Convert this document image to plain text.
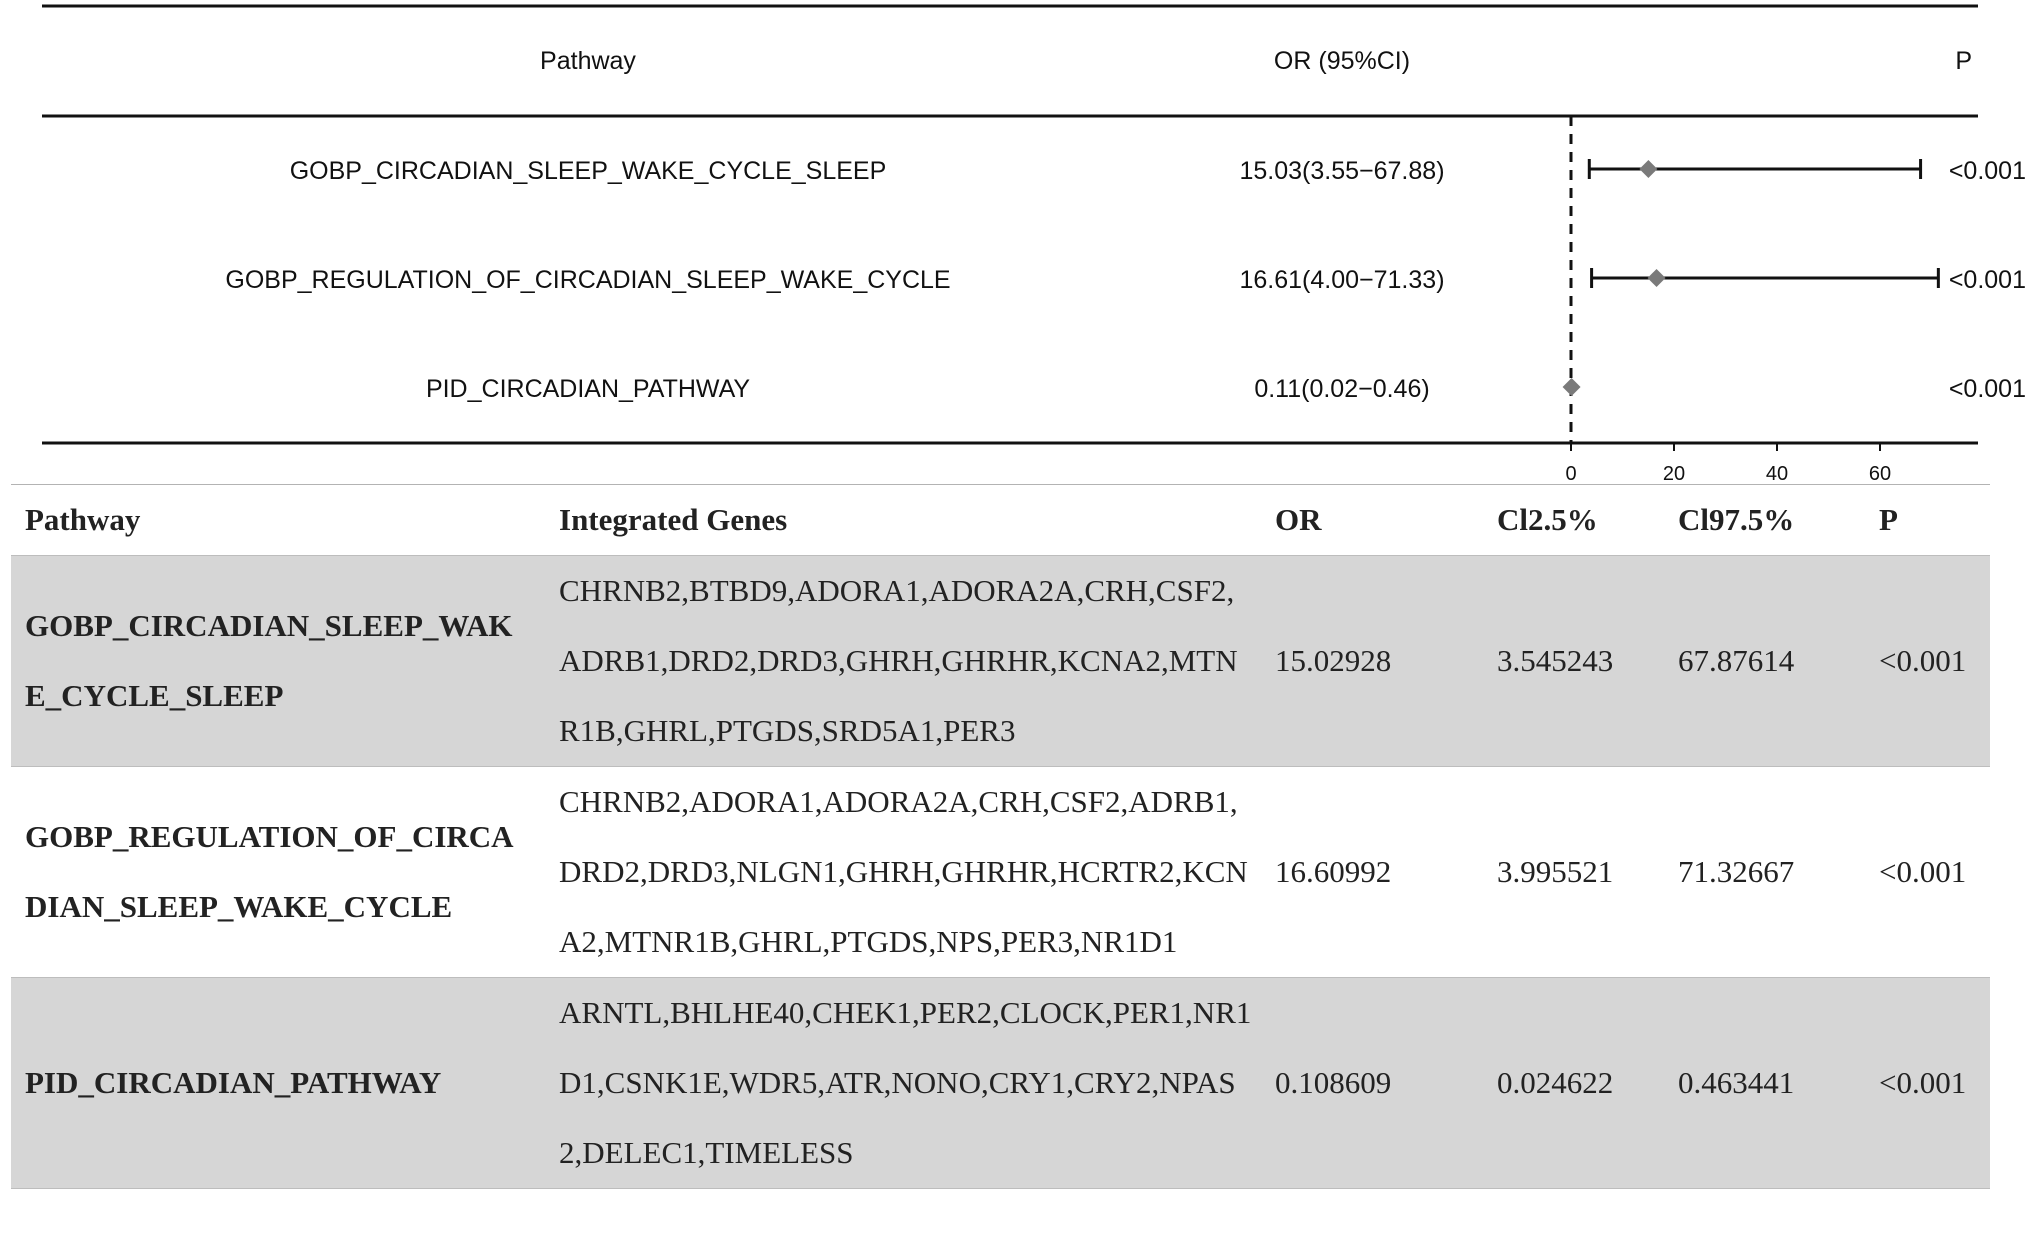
Pathway	OR (95%CI)	P
GOBP_CIRCADIAN_SLEEP_WAKE_CYCLE_SLEEP	15.03(3.55−67.88)	<0.001
GOBP_REGULATION_OF_CIRCADIAN_SLEEP_WAKE_CYCLE	16.61(4.00−71.33)	<0.001
PID_CIRCADIAN_PATHWAY	0.11(0.02−0.46)	<0.001
0	20	40	60
Pathway	Integrated Genes	OR	Cl2.5%	Cl97.5%	P
GOBP_CIRCADIAN_SLEEP_WAKE_CYCLE_SLEEP	CHRNB2,BTBD9,ADORA1,ADORA2A,CRH,CSF2,ADRB1,DRD2,DRD3,GHRH,GHRHR,KCNA2,MTNR1B,GHRL,PTGDS,SRD5A1,PER3	15.02928	3.545243	67.87614	<0.001
GOBP_REGULATION_OF_CIRCADIAN_SLEEP_WAKE_CYCLE	CHRNB2,ADORA1,ADORA2A,CRH,CSF2,ADRB1,DRD2,DRD3,NLGN1,GHRH,GHRHR,HCRTR2,KCNA2,MTNR1B,GHRL,PTGDS,NPS,PER3,NR1D1	16.60992	3.995521	71.32667	<0.001
PID_CIRCADIAN_PATHWAY	ARNTL,BHLHE40,CHEK1,PER2,CLOCK,PER1,NR1D1,CSNK1E,WDR5,ATR,NONO,CRY1,CRY2,NPAS2,DELEC1,TIMELESS	0.108609	0.024622	0.463441	<0.001
